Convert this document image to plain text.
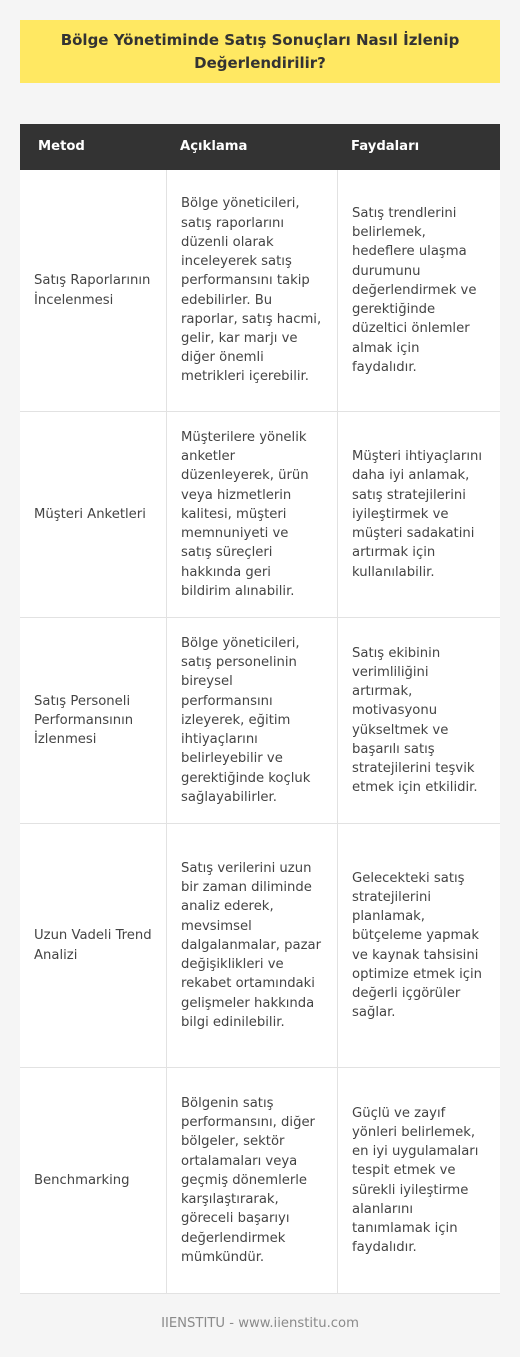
Bölge Yönetiminde Satış Sonuçları Nasıl İzlenip Değerlendirilir?
Metod	Açıklama	Faydaları
Satış Raporlarının İncelenmesi
Bölge yöneticileri, satış raporlarını düzenli olarak inceleyerek satış performansını takip edebilirler. Bu raporlar, satış hacmi, gelir, kar marjı ve diğer önemli metrikleri içerebilir.
Satış trendlerini belirlemek, hedeflere ulaşma durumunu değerlendirmek ve gerektiğinde düzeltici önlemler almak için faydalıdır.
Müşteri Anketleri
Müşterilere yönelik anketler düzenleyerek, ürün veya hizmetlerin kalitesi, müşteri memnuniyeti ve satış süreçleri hakkında geri bildirim alınabilir.
Müşteri ihtiyaçlarını daha iyi anlamak, satış stratejilerini iyileştirmek ve müşteri sadakatini artırmak için kullanılabilir.
Satış Personeli Performansının İzlenmesi
Bölge yöneticileri, satış personelinin bireysel performansını izleyerek, eğitim ihtiyaçlarını belirleyebilir ve gerektiğinde koçluk sağlayabilirler.
Satış ekibinin verimliliğini artırmak, motivasyonu yükseltmek ve başarılı satış stratejilerini teşvik etmek için etkilidir.
Uzun Vadeli Trend Analizi
Satış verilerini uzun bir zaman diliminde analiz ederek, mevsimsel dalgalanmalar, pazar değişiklikleri ve rekabet ortamındaki gelişmeler hakkında bilgi edinilebilir.
Gelecekteki satış stratejilerini planlamak, bütçeleme yapmak ve kaynak tahsisini optimize etmek için değerli içgörüler sağlar.
Benchmarking
Bölgenin satış performansını, diğer bölgeler, sektör ortalamaları veya geçmiş dönemlerle karşılaştırarak, göreceli başarıyı değerlendirmek mümkündür.
Güçlü ve zayıf yönleri belirlemek, en iyi uygulamaları tespit etmek ve sürekli iyileştirme alanlarını tanımlamak için faydalıdır.
IIENSTITU - www.iienstitu.com
